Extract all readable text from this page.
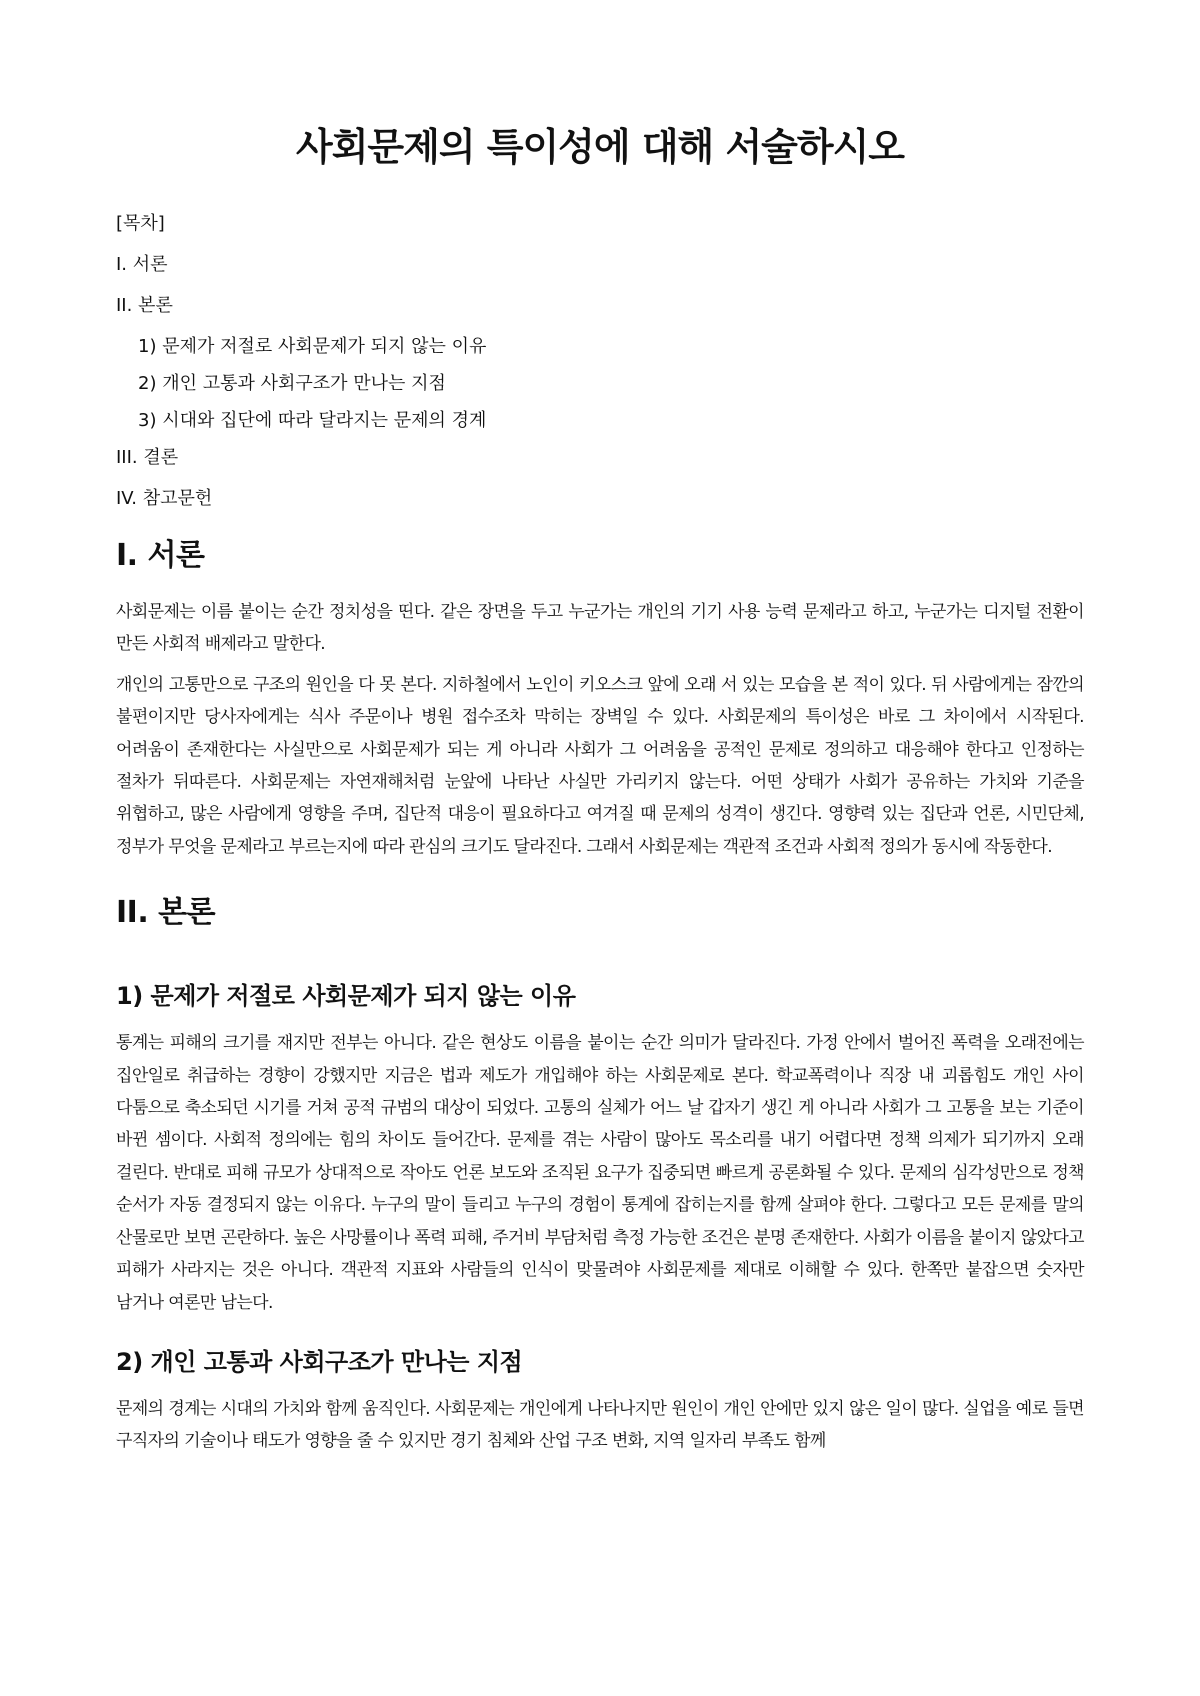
사회문제의 특이성에 대해 서술하시오
[목차]
I. 서론
II. 본론
1) 문제가 저절로 사회문제가 되지 않는 이유
2) 개인 고통과 사회구조가 만나는 지점
3) 시대와 집단에 따라 달라지는 문제의 경계
III. 결론
IV. 참고문헌
I. 서론

사회문제는 이름 붙이는 순간 정치성을 띤다. 같은 장면을 두고 누군가는 개인의 기기 사용 능력 문제라고 하고, 누군가는 디지털 전환이 만든 사회적 배제라고 말한다.

개인의 고통만으로 구조의 원인을 다 못 본다. 지하철에서 노인이 키오스크 앞에 오래 서 있는 모습을 본 적이 있다. 뒤 사람에게는 잠깐의 불편이지만 당사자에게는 식사 주문이나 병원 접수조차 막히는 장벽일 수 있다. 사회문제의 특이성은 바로 그 차이에서 시작된다. 어려움이 존재한다는 사실만으로 사회문제가 되는 게 아니라 사회가 그 어려움을 공적인 문제로 정의하고 대응해야 한다고 인정하는 절차가 뒤따른다. 사회문제는 자연재해처럼 눈앞에 나타난 사실만 가리키지 않는다. 어떤 상태가 사회가 공유하는 가치와 기준을 위협하고, 많은 사람에게 영향을 주며, 집단적 대응이 필요하다고 여겨질 때 문제의 성격이 생긴다. 영향력 있는 집단과 언론, 시민단체, 정부가 무엇을 문제라고 부르는지에 따라 관심의 크기도 달라진다. 그래서 사회문제는 객관적 조건과 사회적 정의가 동시에 작동한다.

II. 본론
1) 문제가 저절로 사회문제가 되지 않는 이유

통계는 피해의 크기를 재지만 전부는 아니다. 같은 현상도 이름을 붙이는 순간 의미가 달라진다. 가정 안에서 벌어진 폭력을 오래전에는 집안일로 취급하는 경향이 강했지만 지금은 법과 제도가 개입해야 하는 사회문제로 본다. 학교폭력이나 직장 내 괴롭힘도 개인 사이 다툼으로 축소되던 시기를 거쳐 공적 규범의 대상이 되었다. 고통의 실체가 어느 날 갑자기 생긴 게 아니라 사회가 그 고통을 보는 기준이 바뀐 셈이다. 사회적 정의에는 힘의 차이도 들어간다. 문제를 겪는 사람이 많아도 목소리를 내기 어렵다면 정책 의제가 되기까지 오래 걸린다. 반대로 피해 규모가 상대적으로 작아도 언론 보도와 조직된 요구가 집중되면 빠르게 공론화될 수 있다. 문제의 심각성만으로 정책 순서가 자동 결정되지 않는 이유다. 누구의 말이 들리고 누구의 경험이 통계에 잡히는지를 함께 살펴야 한다. 그렇다고 모든 문제를 말의 산물로만 보면 곤란하다. 높은 사망률이나 폭력 피해, 주거비 부담처럼 측정 가능한 조건은 분명 존재한다. 사회가 이름을 붙이지 않았다고 피해가 사라지는 것은 아니다. 객관적 지표와 사람들의 인식이 맞물려야 사회문제를 제대로 이해할 수 있다. 한쪽만 붙잡으면 숫자만 남거나 여론만 남는다.

2) 개인 고통과 사회구조가 만나는 지점

문제의 경계는 시대의 가치와 함께 움직인다. 사회문제는 개인에게 나타나지만 원인이 개인 안에만 있지 않은 일이 많다. 실업을 예로 들면 구직자의 기술이나 태도가 영향을 줄 수 있지만 경기 침체와 산업 구조 변화, 지역 일자리 부족도 함께
